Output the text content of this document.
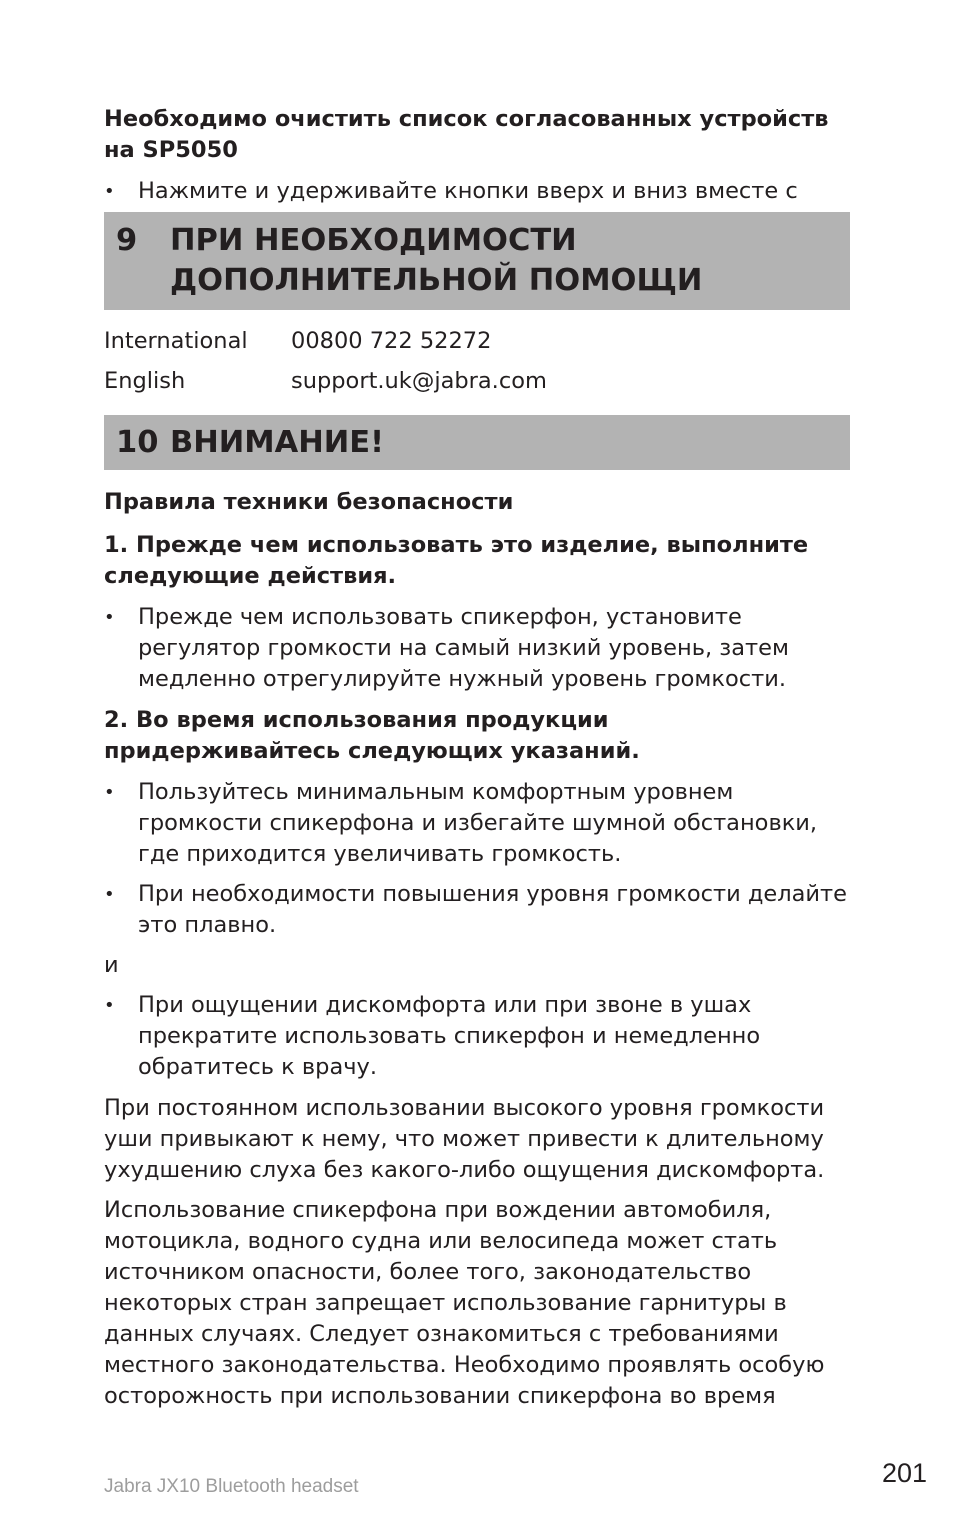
Необходимо очистить список согласованных устройств на SP5050

• Нажмите и удерживайте кнопки вверх и вниз вместе с

9	ПРИ НЕОБХОДИМОСТИ
ДОПОЛНИТЕЛЬНОЙ ПОМОЩИ
International	00800 722 52272
English	support.uk@jabra.com
10 ВНИМАНИЕ!

Правила техники безопасности

1. Прежде чем использовать это изделие, выполните следующие действия.

• Прежде чем использовать спикерфон, установите регулятор громкости на самый низкий уровень, затем медленно отрегулируйте нужный уровень громкости.

2. Во время использования продукции придерживайтесь следующих указаний.

• Пользуйтесь минимальным комфортным уровнем громкости спикерфона и избегайте шумной обстановки, где приходится увеличивать громкость.

• При необходимости повышения уровня громкости делайте это плавно.

и

• При ощущении дискомфорта или при звоне в ушах прекратите использовать спикерфон и немедленно обратитесь к врачу.

При постоянном использовании высокого уровня громкости уши привыкают к нему, что может привести к длительному ухудшению слуха без какого-либо ощущения дискомфорта.

Использование спикерфона при вождении автомобиля, мотоцикла, водного судна или велосипеда может стать источником опасности, более того, законодательство некоторых стран запрещает использование гарнитуры в данных случаях. Следует ознакомиться с требованиями местного законодательства. Необходимо проявлять особую осторожность при использовании спикерфона во время

Jabra JX10 Bluetooth headset	201
